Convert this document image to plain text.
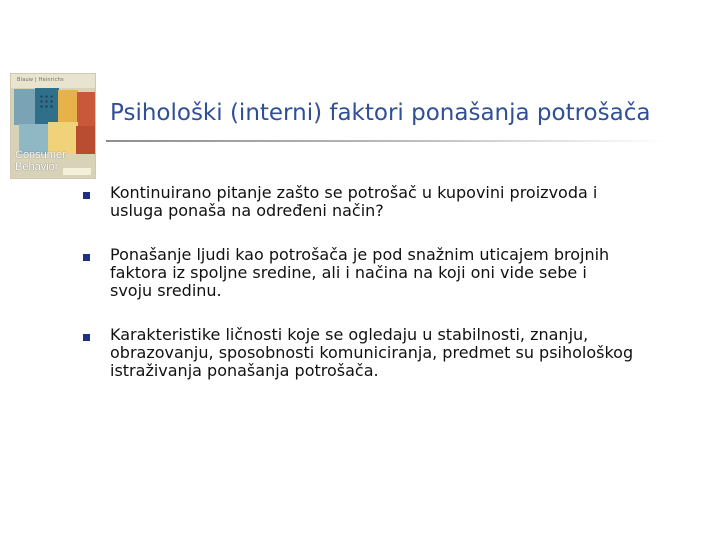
Blauw | Heinrichs
Consumer
Behavior
Psihološki (interni) faktori ponašanja potrošača
Kontinuirano pitanje zašto se potrošač u kupovini proizvoda i
usluga ponaša na određeni način?
Ponašanje ljudi kao potrošača je pod snažnim uticajem brojnih
faktora iz spoljne sredine, ali i načina na koji oni vide sebe i
svoju sredinu.
Karakteristike ličnosti koje se ogledaju u stabilnosti, znanju,
obrazovanju, sposobnosti komuniciranja, predmet su psihološkog
istraživanja ponašanja potrošača.
